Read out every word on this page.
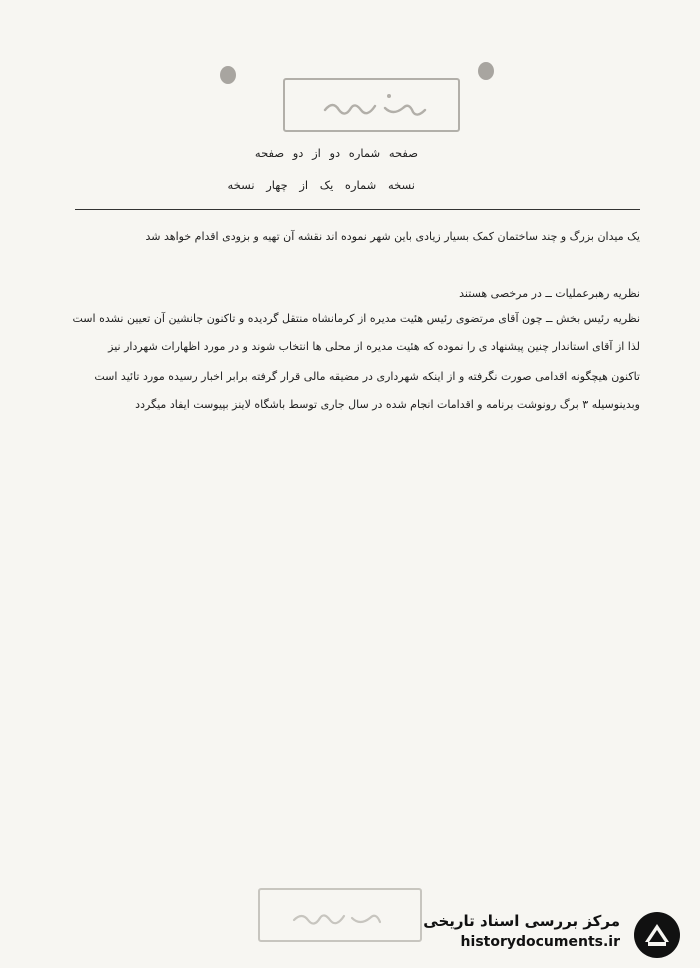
صفحه شماره دو از دو صفحه
نسخه شماره یک از چهار نسخه
یک میدان بزرگ و چند ساختمان کمک بسیار زیادی باین شهر نموده اند نقشه آن تهیه و بزودی اقدام خواهد شد
نظریه رهبرعملیات ــ در مرخصی هستند
نظریه رئیس بخش ــ چون آقای مرتضوی رئیس هئیت مدیره از کرمانشاه منتقل گردیده و تاکنون جانشین آن تعیین نشده است
لذا از آقای استاندار چنین پیشنهاد ی را نموده که هئیت مدیره از محلی ها انتخاب شوند و در مورد اظهارات شهردار نیز
تاکنون هیچگونه اقدامی صورت نگرفته و از اینکه شهرداری در مضیقه مالی قرار گرفته برابر اخبار رسیده مورد تائید است
وبدینوسیله ۳ برگ رونوشت برنامه و اقدامات انجام شده در سال جاری توسط باشگاه لاینز بپیوست ایفاد میگردد
مرکز بررسی اسناد تاریخی
historydocuments.ir
